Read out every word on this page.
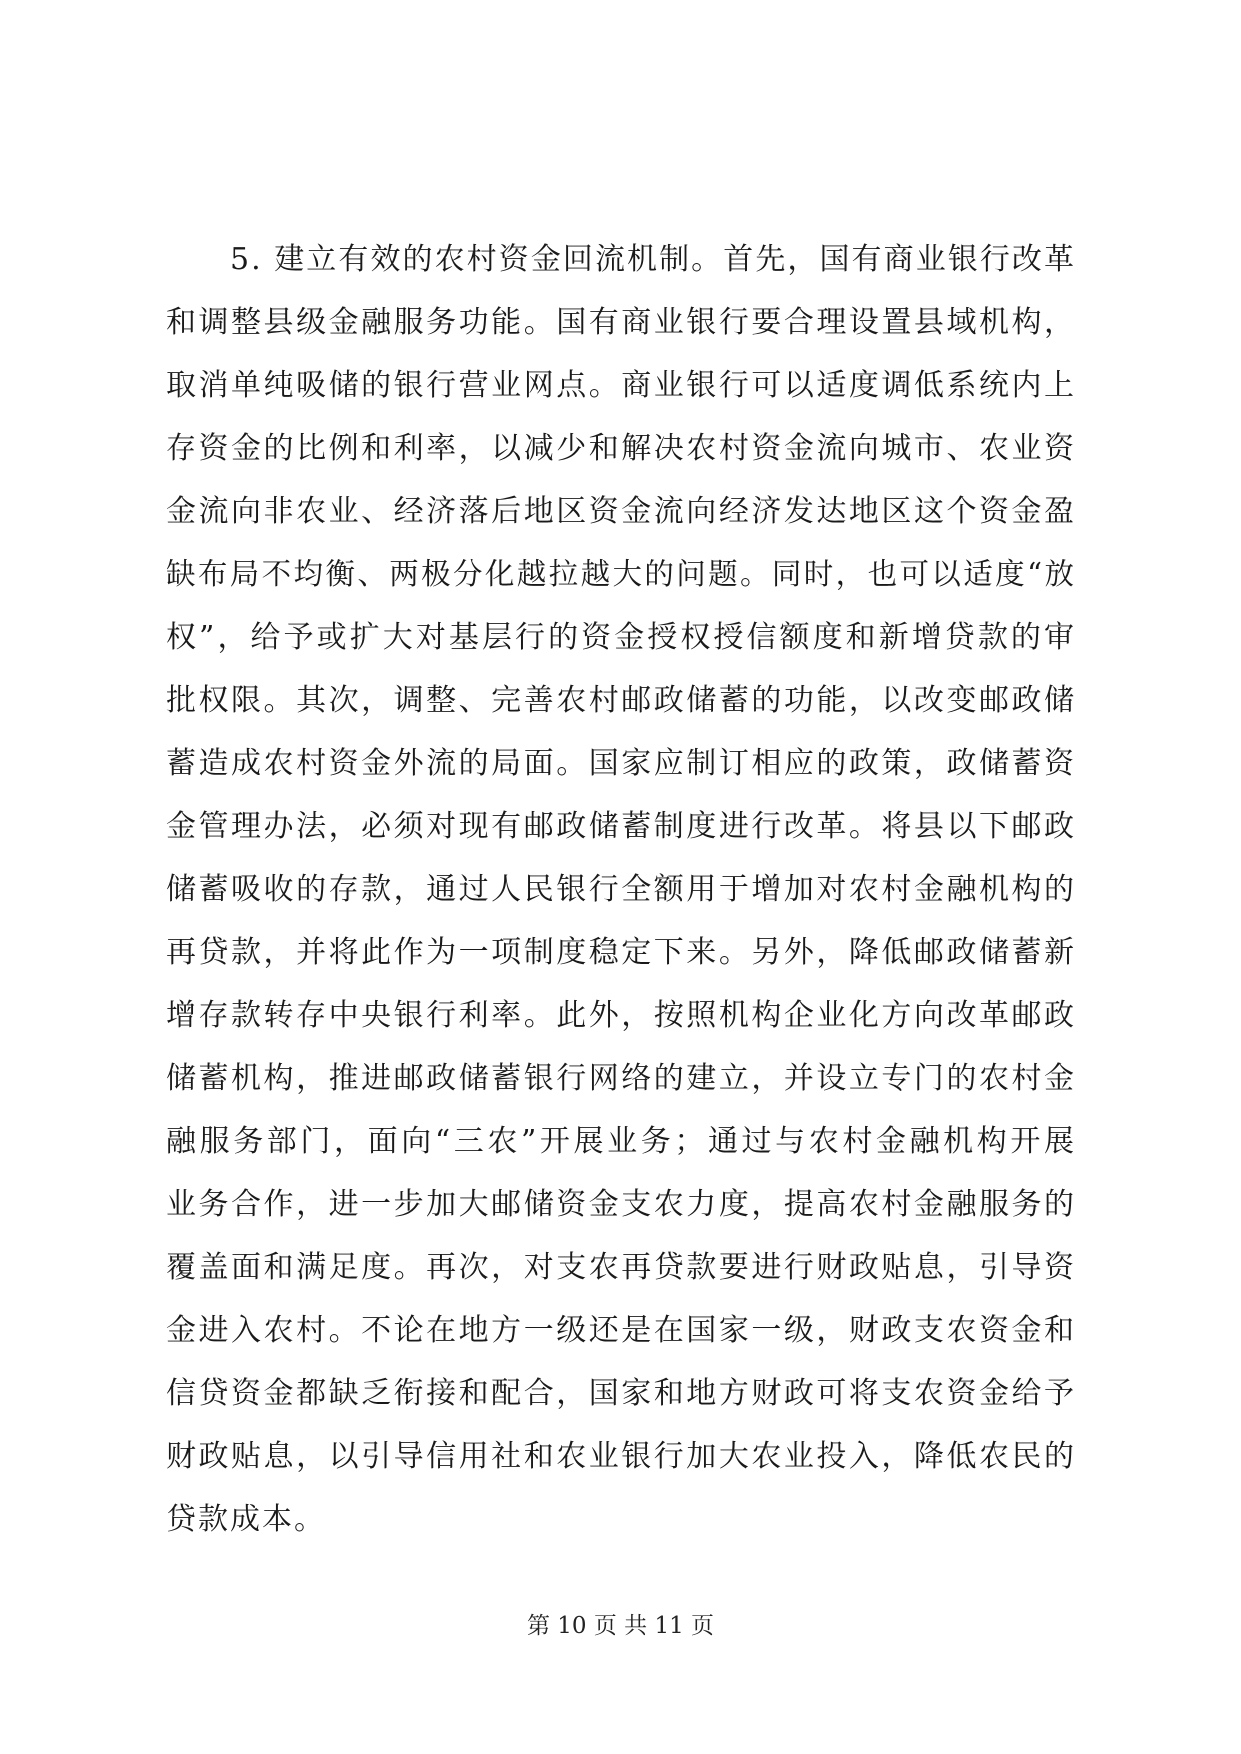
5. 建立有效的农村资金回流机制。首先，国有商业银行改革
和调整县级金融服务功能。国有商业银行要合理设置县域机构，
取消单纯吸储的银行营业网点。商业银行可以适度调低系统内上
存资金的比例和利率，以减少和解决农村资金流向城市、农业资
金流向非农业、经济落后地区资金流向经济发达地区这个资金盈
缺布局不均衡、两极分化越拉越大的问题。同时，也可以适度“放
权”，给予或扩大对基层行的资金授权授信额度和新增贷款的审
批权限。其次，调整、完善农村邮政储蓄的功能，以改变邮政储
蓄造成农村资金外流的局面。国家应制订相应的政策，政储蓄资
金管理办法，必须对现有邮政储蓄制度进行改革。将县以下邮政
储蓄吸收的存款，通过人民银行全额用于增加对农村金融机构的
再贷款，并将此作为一项制度稳定下来。另外，降低邮政储蓄新
增存款转存中央银行利率。此外，按照机构企业化方向改革邮政
储蓄机构，推进邮政储蓄银行网络的建立，并设立专门的农村金
融服务部门，面向“三农”开展业务；通过与农村金融机构开展
业务合作，进一步加大邮储资金支农力度，提高农村金融服务的
覆盖面和满足度。再次，对支农再贷款要进行财政贴息，引导资
金进入农村。不论在地方一级还是在国家一级，财政支农资金和
信贷资金都缺乏衔接和配合，国家和地方财政可将支农资金给予
财政贴息，以引导信用社和农业银行加大农业投入，降低农民的
贷款成本。
第 10 页 共 11 页
